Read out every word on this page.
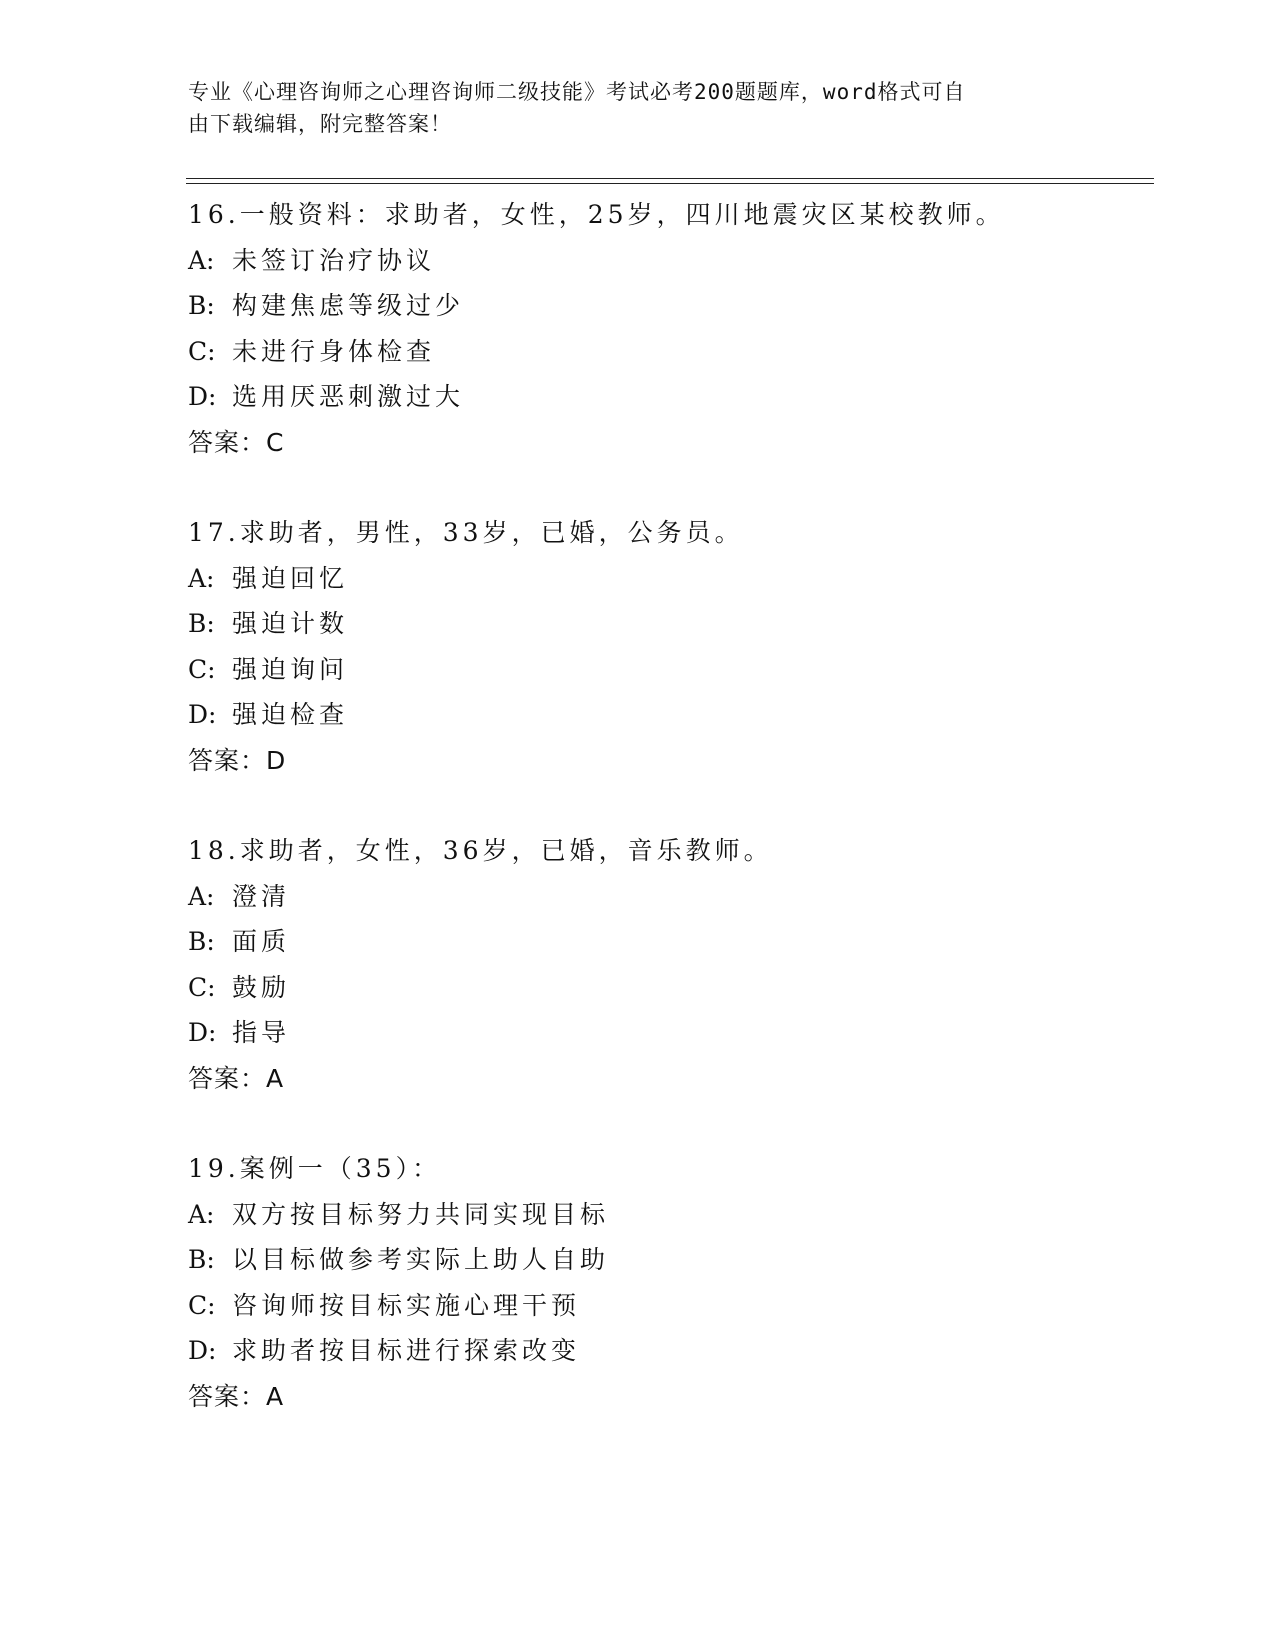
专业《心理咨询师之心理咨询师二级技能》考试必考200题题库，word格式可自
由下载编辑，附完整答案！
16.一般资料：求助者，女性，25岁，四川地震灾区某校教师。
A: 未签订治疗协议
B: 构建焦虑等级过少
C: 未进行身体检查
D: 选用厌恶刺激过大
答案：C
17.求助者，男性，33岁，已婚，公务员。
A: 强迫回忆
B: 强迫计数
C: 强迫询问
D: 强迫检查
答案：D
18.求助者，女性，36岁，已婚，音乐教师。
A: 澄清
B: 面质
C: 鼓励
D: 指导
答案：A
19.案例一（35）：
A: 双方按目标努力共同实现目标
B: 以目标做参考实际上助人自助
C: 咨询师按目标实施心理干预
D: 求助者按目标进行探索改变
答案：A
